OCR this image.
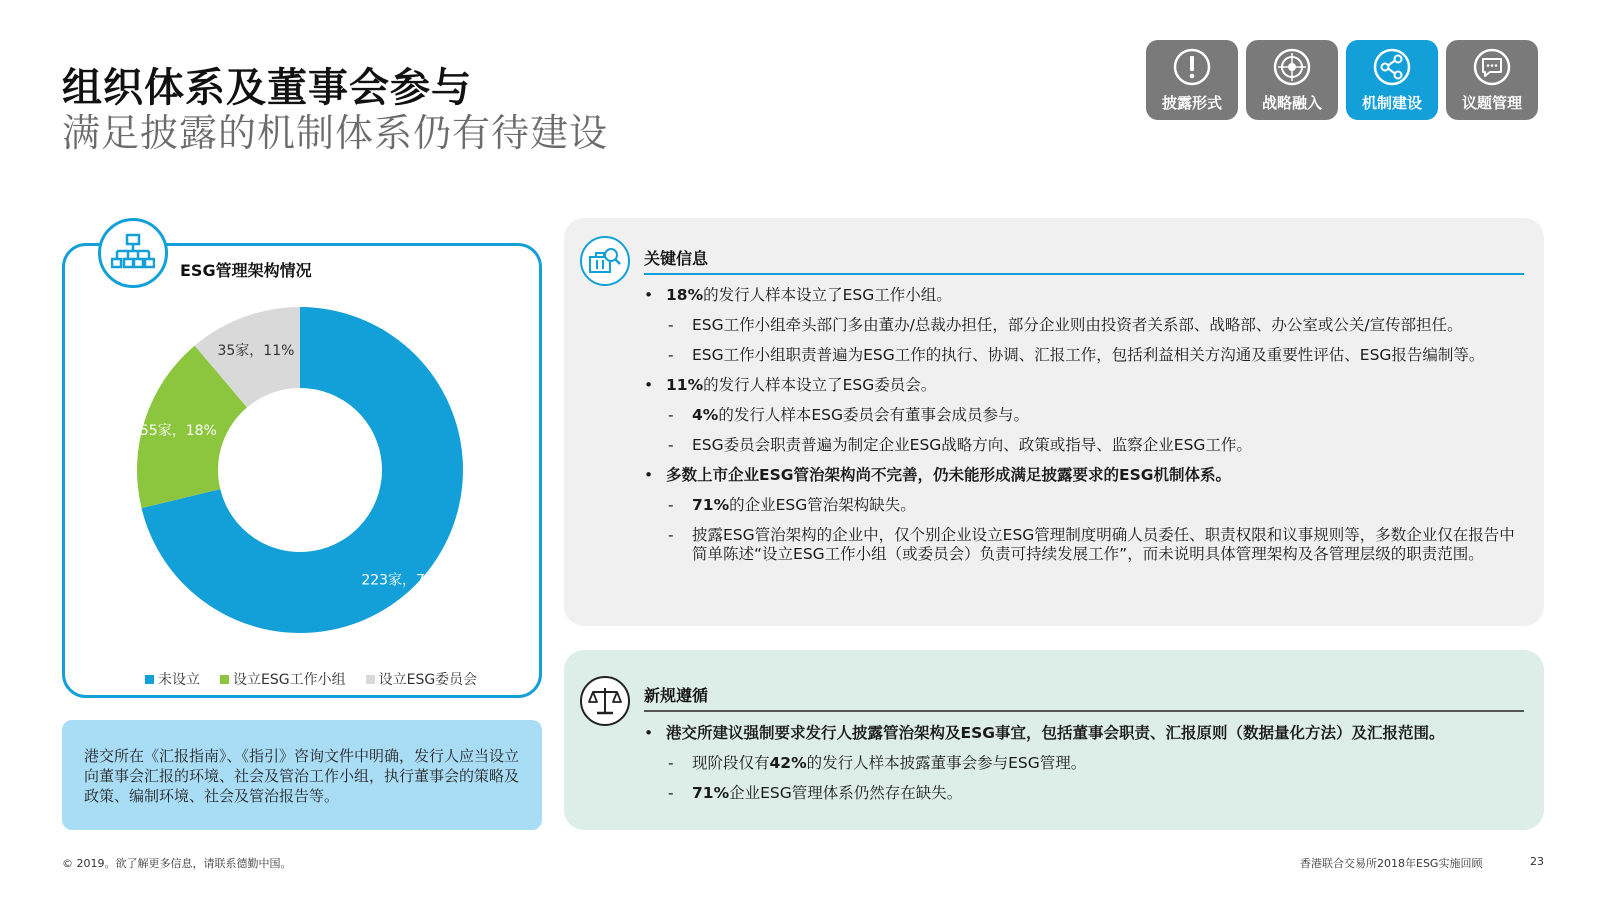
组织体系及董事会参与
满足披露的机制体系仍有待建设
披露形式	战略融入	机制建设	议题管理
ESG管理架构情况
223家，71%
55家，18%
35家，11%
未设立 设立ESG工作小组 设立ESG委员会
港交所在《汇报指南》、《指引》咨询文件中明确，发行人应当设立向董事会汇报的环境、社会及管治工作小组，执行董事会的策略及政策、编制环境、社会及管治报告等。
关键信息
• 18%的发行人样本设立了ESG工作小组。
- ESG工作小组牵头部门多由董办/总裁办担任，部分企业则由投资者关系部、战略部、办公室或公关/宣传部担任。
- ESG工作小组职责普遍为ESG工作的执行、协调、汇报工作，包括利益相关方沟通及重要性评估、ESG报告编制等。
• 11%的发行人样本设立了ESG委员会。
- 4%的发行人样本ESG委员会有董事会成员参与。
- ESG委员会职责普遍为制定企业ESG战略方向、政策或指导、监察企业ESG工作。
• 多数上市企业ESG管治架构尚不完善，仍未能形成满足披露要求的ESG机制体系。
- 71%的企业ESG管治架构缺失。
- 披露ESG管治架构的企业中，仅个别企业设立ESG管理制度明确人员委任、职责权限和议事规则等，多数企业仅在报告中简单陈述“设立ESG工作小组（或委员会）负责可持续发展工作”，而未说明具体管理架构及各管理层级的职责范围。
新规遵循
• 港交所建议强制要求发行人披露管治架构及ESG事宜，包括董事会职责、汇报原则（数据量化方法）及汇报范围。
- 现阶段仅有42%的发行人样本披露董事会参与ESG管理。
- 71%企业ESG管理体系仍然存在缺失。
© 2019。欲了解更多信息，请联系德勤中国。	香港联合交易所2018年ESG实施回顾	23
